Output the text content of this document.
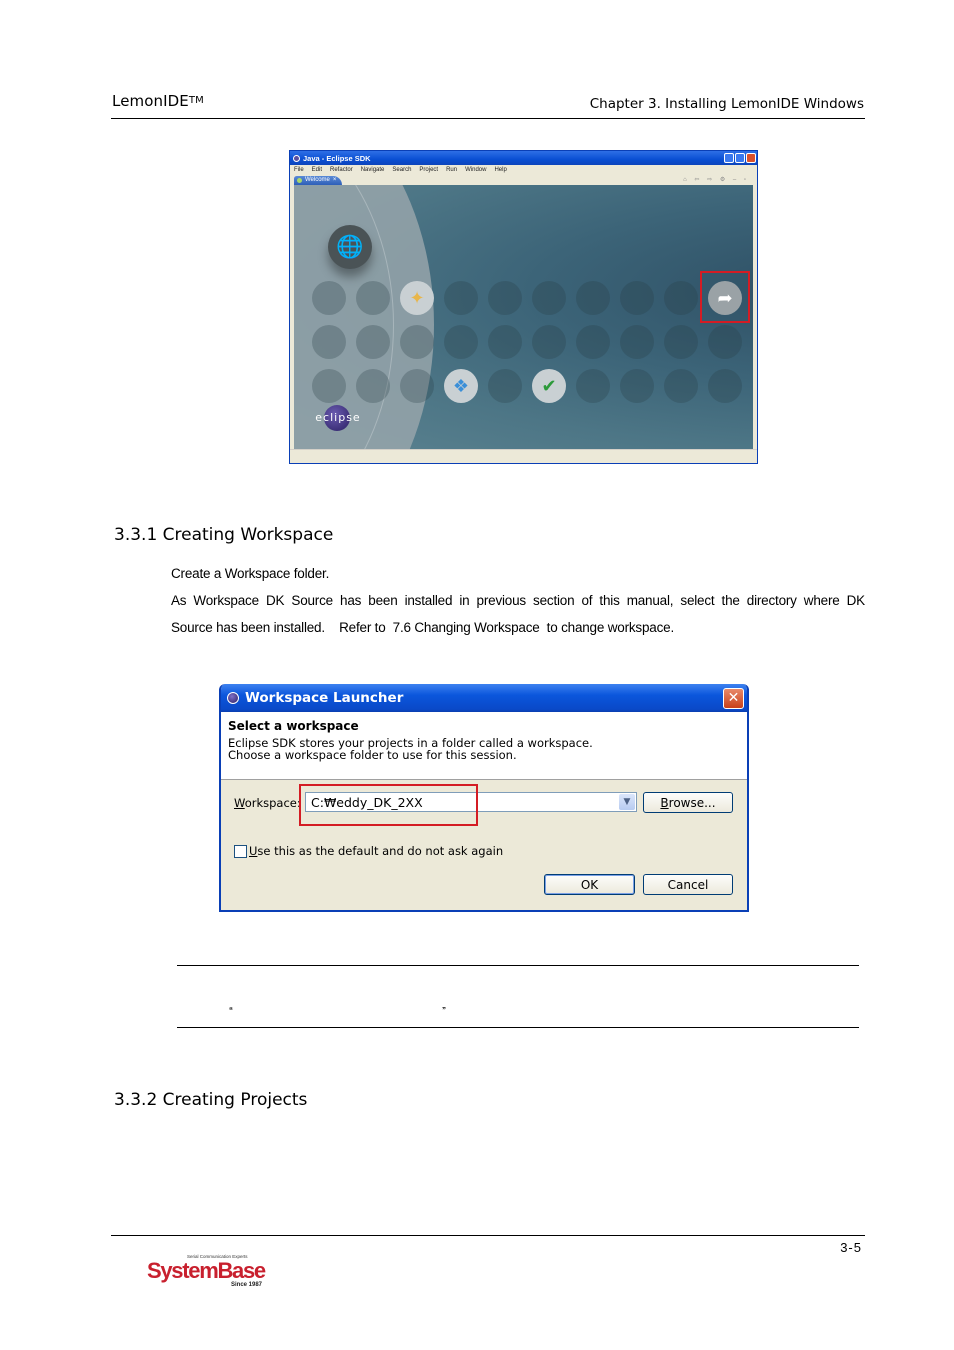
LemonIDE™	Chapter 3. Installing LemonIDE Windows
Java - Eclipse SDK
File Edit Refactor Navigate Search Project Run Window Help
Welcome ×	⌂ ⇦ ⇨ ⚙ ‒ ▫
🌐
✦
❖	✔
➦
eclipse
3.3.1 Creating Workspace
Create a Workspace folder.
As Workspace DK Source has been installed in previous section of this manual, select the directory where DK
Source has been installed.    Refer to  7.6 Changing Workspace  to change workspace.
Workspace Launcher	✕
Select a workspace
Eclipse SDK stores your projects in a folder called a workspace.
Choose a workspace folder to use for this session.
Workspace: C:₩eddy_DK_2XX	▼	B rowse...
U se this as the default and do not ask again
OK	Cancel
“	”
3.3.2 Creating Projects
3-5
Serial Communication Experts
SystemBase
Since 1987
